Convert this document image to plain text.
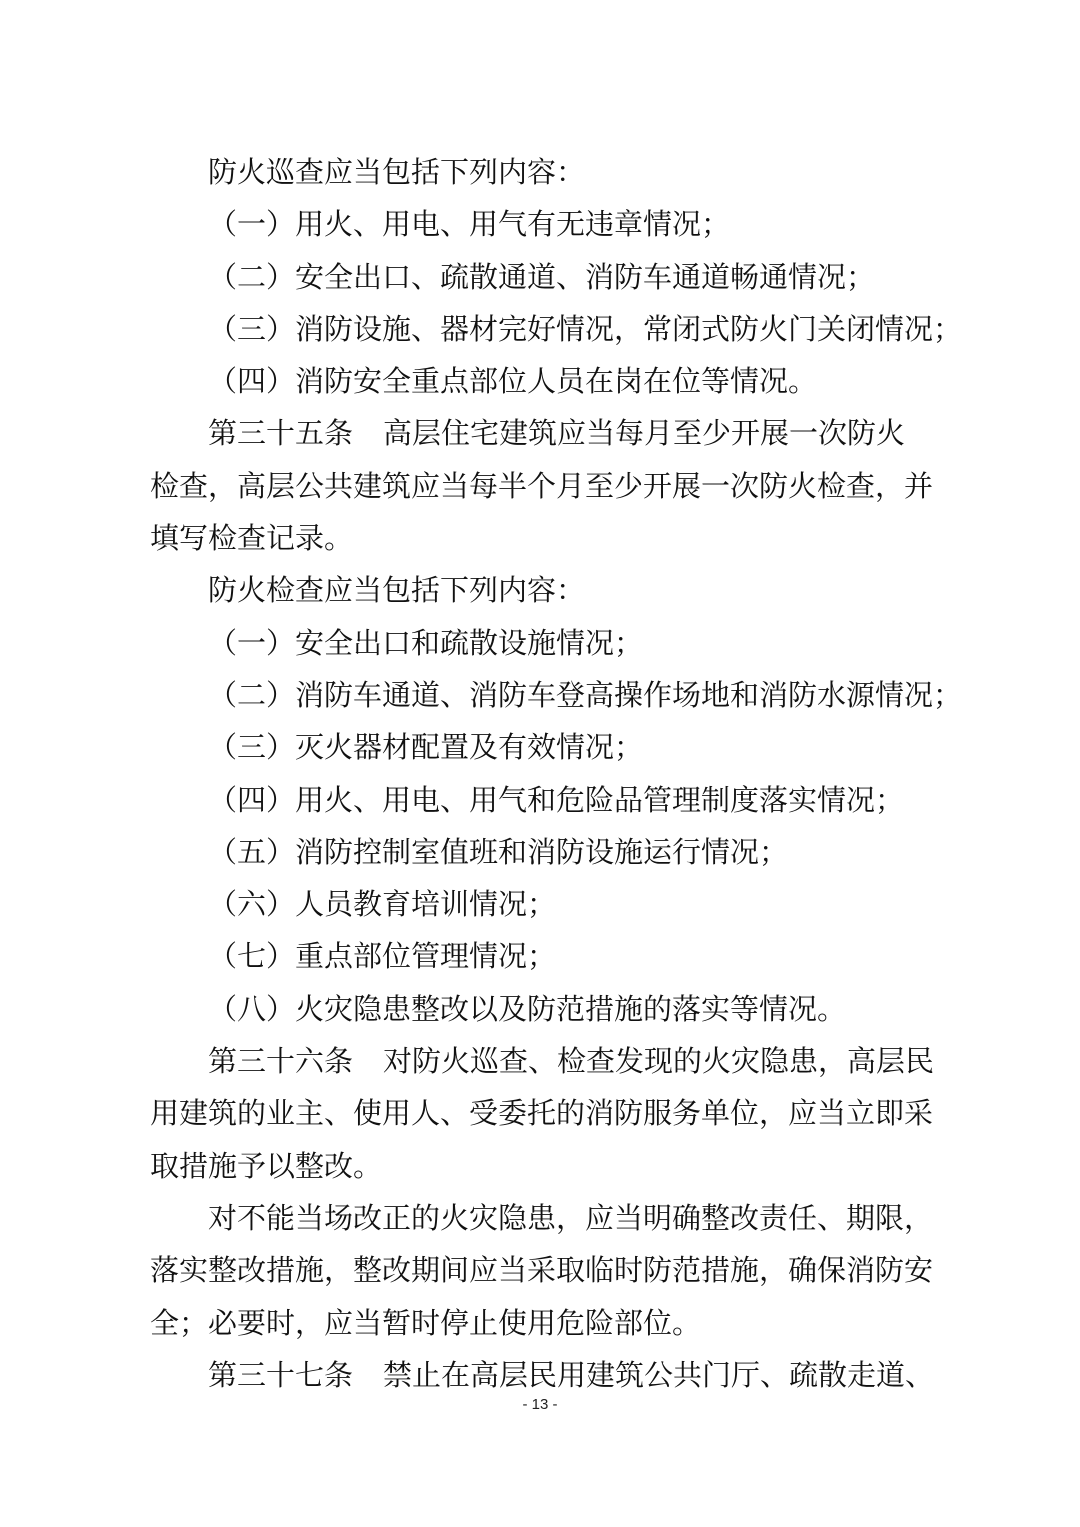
防火巡查应当包括下列内容：
（一）用火、用电、用气有无违章情况；
（二）安全出口、疏散通道、消防车通道畅通情况；
（三）消防设施、器材完好情况，常闭式防火门关闭情况；
（四）消防安全重点部位人员在岗在位等情况。
第三十五条 高层住宅建筑应当每月至少开展一次防火
检查，高层公共建筑应当每半个月至少开展一次防火检查，并
填写检查记录。
防火检查应当包括下列内容：
（一）安全出口和疏散设施情况；
（二）消防车通道、消防车登高操作场地和消防水源情况；
（三）灭火器材配置及有效情况；
（四）用火、用电、用气和危险品管理制度落实情况；
（五）消防控制室值班和消防设施运行情况；
（六）人员教育培训情况；
（七）重点部位管理情况；
（八）火灾隐患整改以及防范措施的落实等情况。
第三十六条 对防火巡查、检查发现的火灾隐患，高层民
用建筑的业主、使用人、受委托的消防服务单位，应当立即采
取措施予以整改。
对不能当场改正的火灾隐患，应当明确整改责任、期限，
落实整改措施，整改期间应当采取临时防范措施，确保消防安
全；必要时，应当暂时停止使用危险部位。
第三十七条 禁止在高层民用建筑公共门厅、疏散走道、
- 13 -
